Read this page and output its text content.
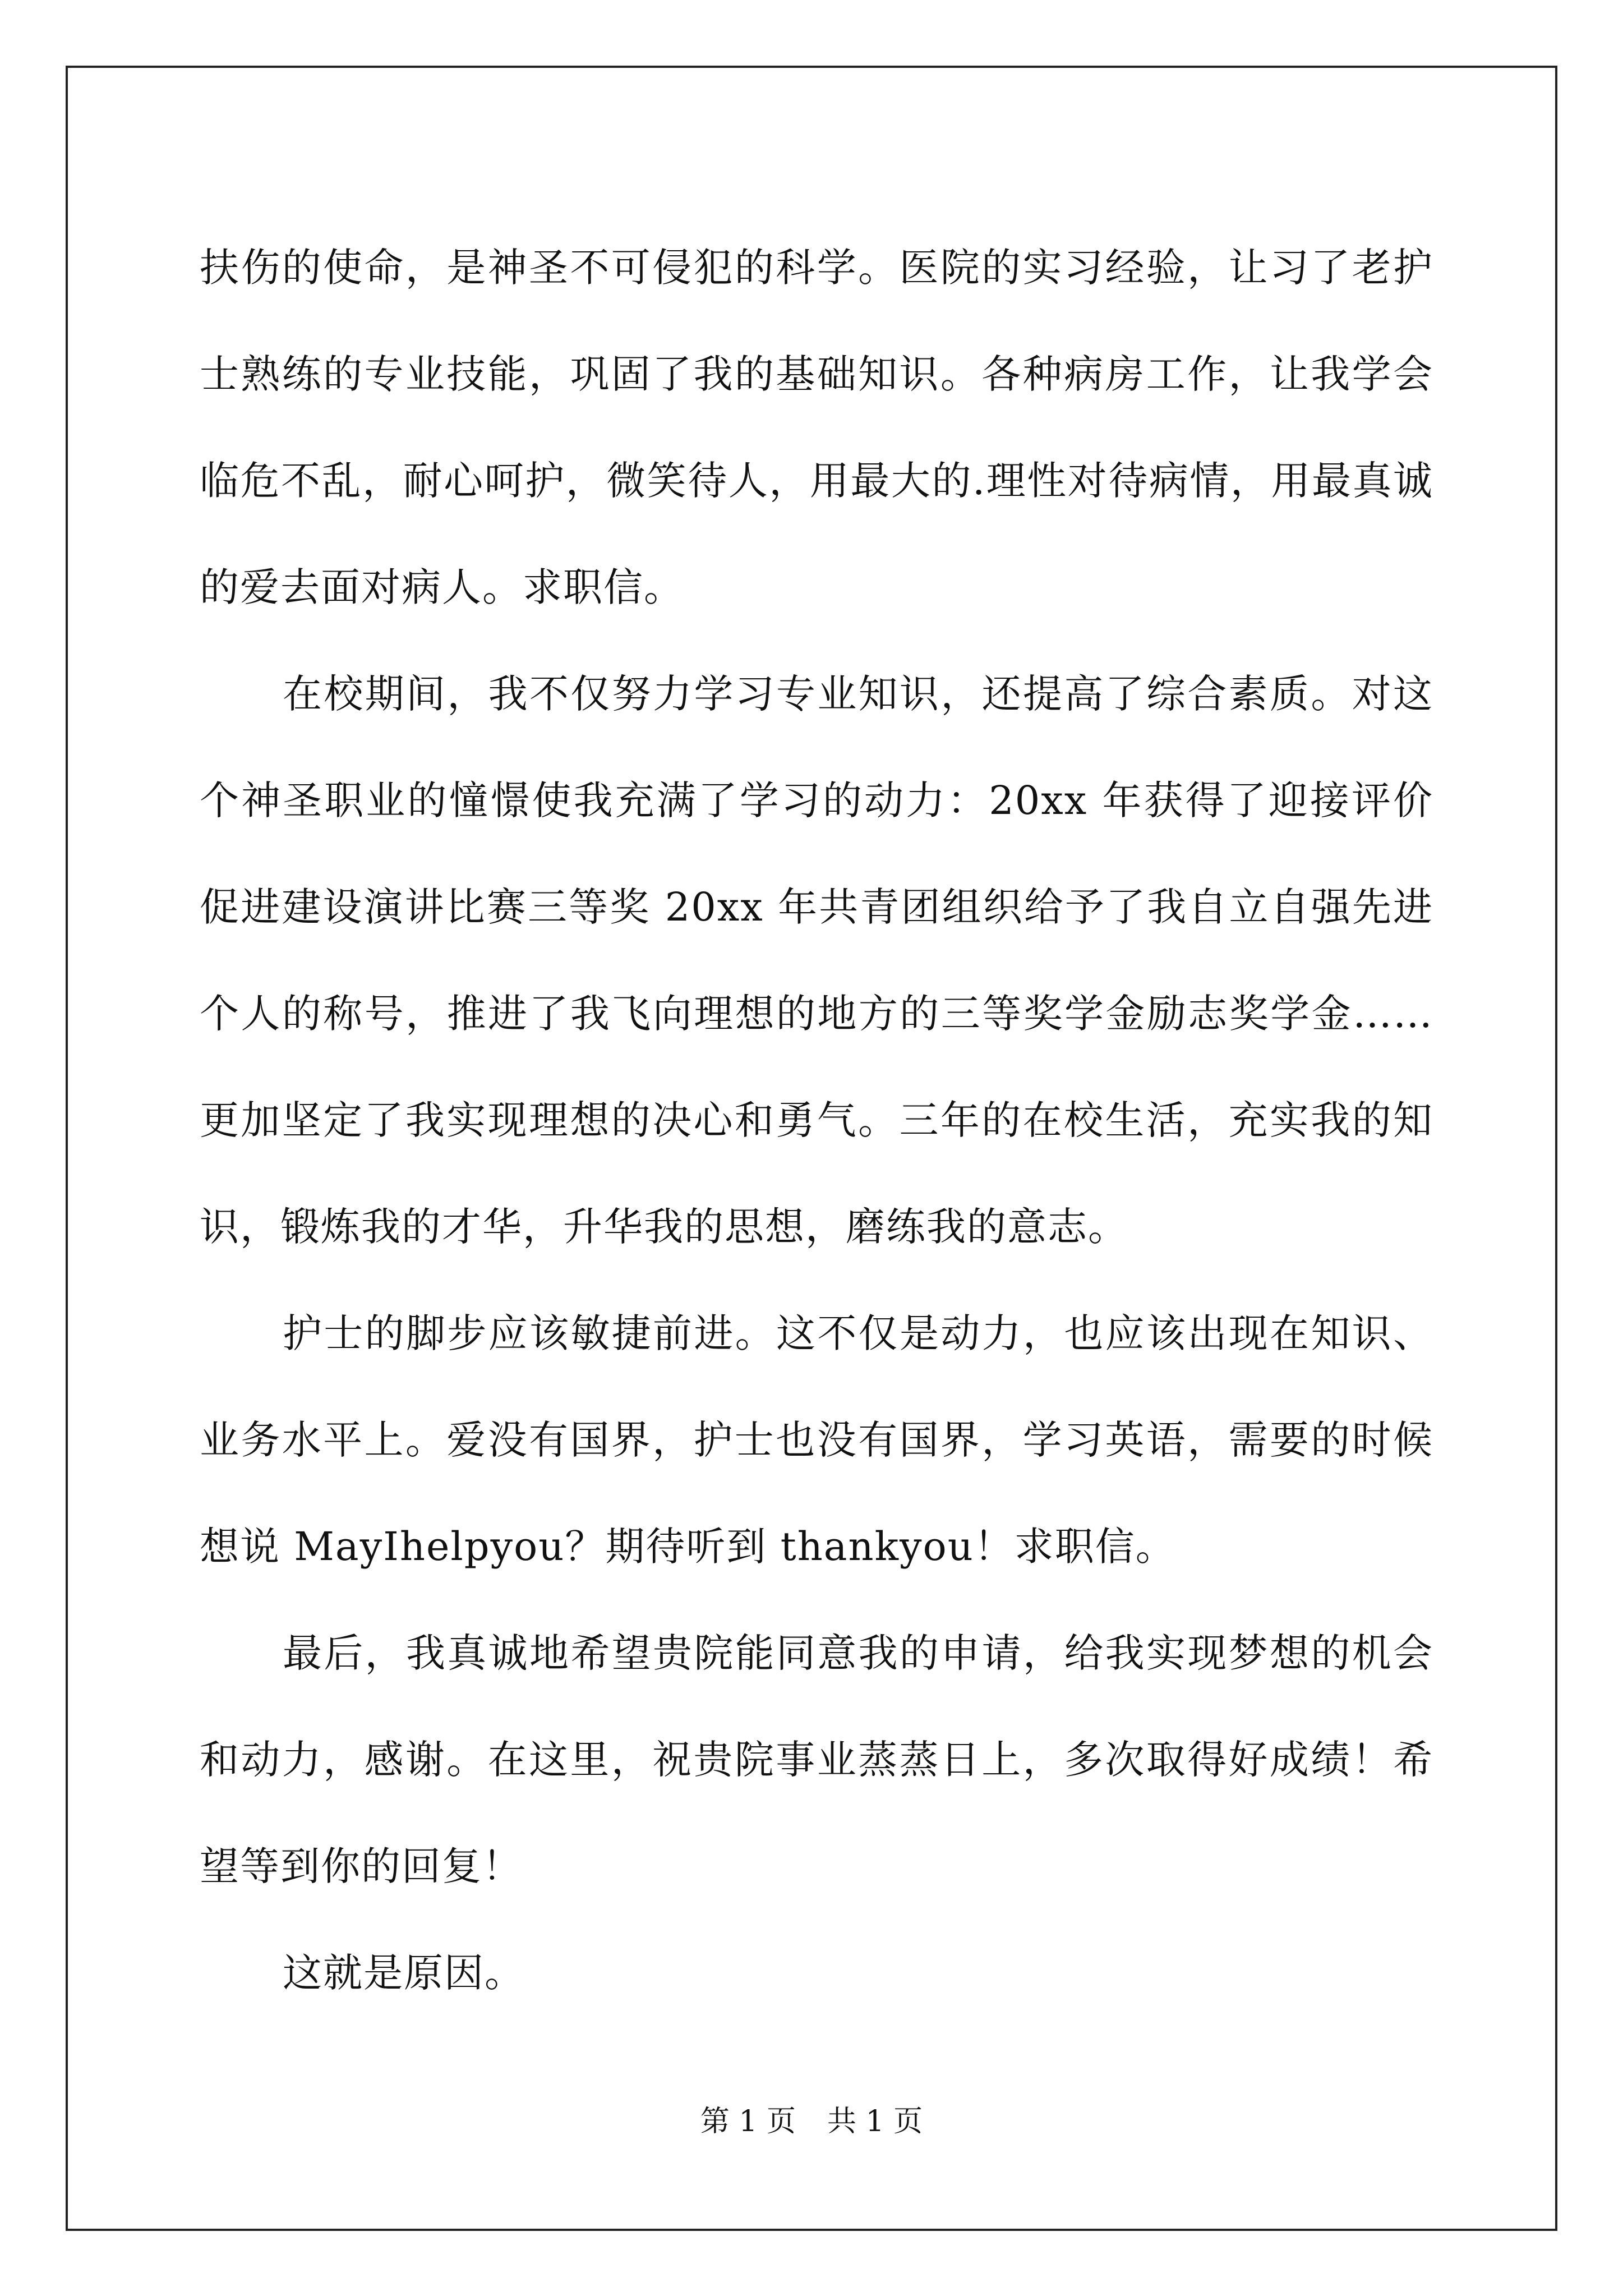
扶伤的使命，是神圣不可侵犯的科学。医院的实习经验，让习了老护士熟练的专业技能，巩固了我的基础知识。各种病房工作，让我学会临危不乱，耐心呵护，微笑待人，用最大的.理性对待病情，用最真诚的爱去面对病人。求职信。

在校期间，我不仅努力学习专业知识，还提高了综合素质。对这个神圣职业的憧憬使我充满了学习的动力：20xx 年获得了迎接评价促进建设演讲比赛三等奖 20xx 年共青团组织给予了我自立自强先进个人的称号，推进了我飞向理想的地方的三等奖学金励志奖学金……更加坚定了我实现理想的决心和勇气。三年的在校生活，充实我的知识，锻炼我的才华，升华我的思想，磨练我的意志。

护士的脚步应该敏捷前进。这不仅是动力，也应该出现在知识、业务水平上。爱没有国界，护士也没有国界，学习英语，需要的时候想说 MayIhelpyou？期待听到 thankyou！求职信。

最后，我真诚地希望贵院能同意我的申请，给我实现梦想的机会和动力，感谢。在这里，祝贵院事业蒸蒸日上，多次取得好成绩！希望等到你的回复！

这就是原因。

第 1 页 共 1 页
